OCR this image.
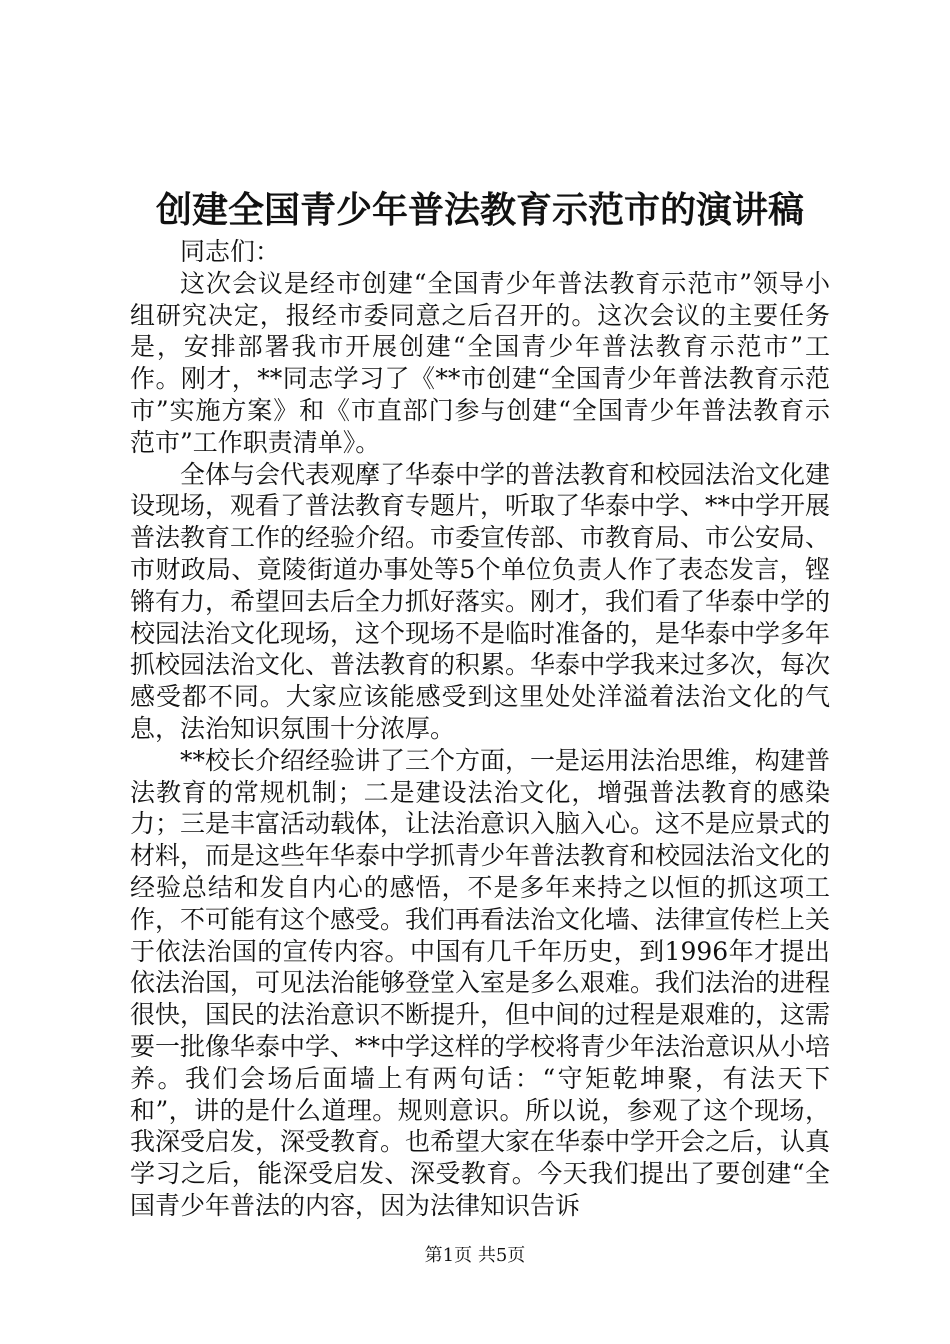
创建全国青少年普法教育示范市的演讲稿

同志们：

这次会议是经市创建“全国青少年普法教育示范市”领导小组研究决定，报经市委同意之后召开的。这次会议的主要任务是，安排部署我市开展创建“全国青少年普法教育示范市”工作。刚才，**同志学习了《**市创建“全国青少年普法教育示范市”实施方案》和《市直部门参与创建“全国青少年普法教育示范市”工作职责清单》。

全体与会代表观摩了华泰中学的普法教育和校园法治文化建设现场，观看了普法教育专题片，听取了华泰中学、**中学开展普法教育工作的经验介绍。市委宣传部、市教育局、市公安局、市财政局、竟陵街道办事处等5个单位负责人作了表态发言，铿锵有力，希望回去后全力抓好落实。刚才，我们看了华泰中学的校园法治文化现场，这个现场不是临时准备的，是华泰中学多年抓校园法治文化、普法教育的积累。华泰中学我来过多次，每次感受都不同。大家应该能感受到这里处处洋溢着法治文化的气息，法治知识氛围十分浓厚。

**校长介绍经验讲了三个方面，一是运用法治思维，构建普法教育的常规机制；二是建设法治文化，增强普法教育的感染力；三是丰富活动载体，让法治意识入脑入心。这不是应景式的材料，而是这些年华泰中学抓青少年普法教育和校园法治文化的经验总结和发自内心的感悟，不是多年来持之以恒的抓这项工作，不可能有这个感受。我们再看法治文化墙、法律宣传栏上关于依法治国的宣传内容。中国有几千年历史，到1996年才提出依法治国，可见法治能够登堂入室是多么艰难。我们法治的进程很快，国民的法治意识不断提升，但中间的过程是艰难的，这需要一批像华泰中学、**中学这样的学校将青少年法治意识从小培养。我们会场后面墙上有两句话：“守矩乾坤聚，有法天下和”，讲的是什么道理。规则意识。所以说，参观了这个现场，我深受启发，深受教育。也希望大家在华泰中学开会之后，认真学习之后，能深受启发、深受教育。今天我们提出了要创建“全国青少年普法的内容，因为法律知识告诉

第1页 共5页
